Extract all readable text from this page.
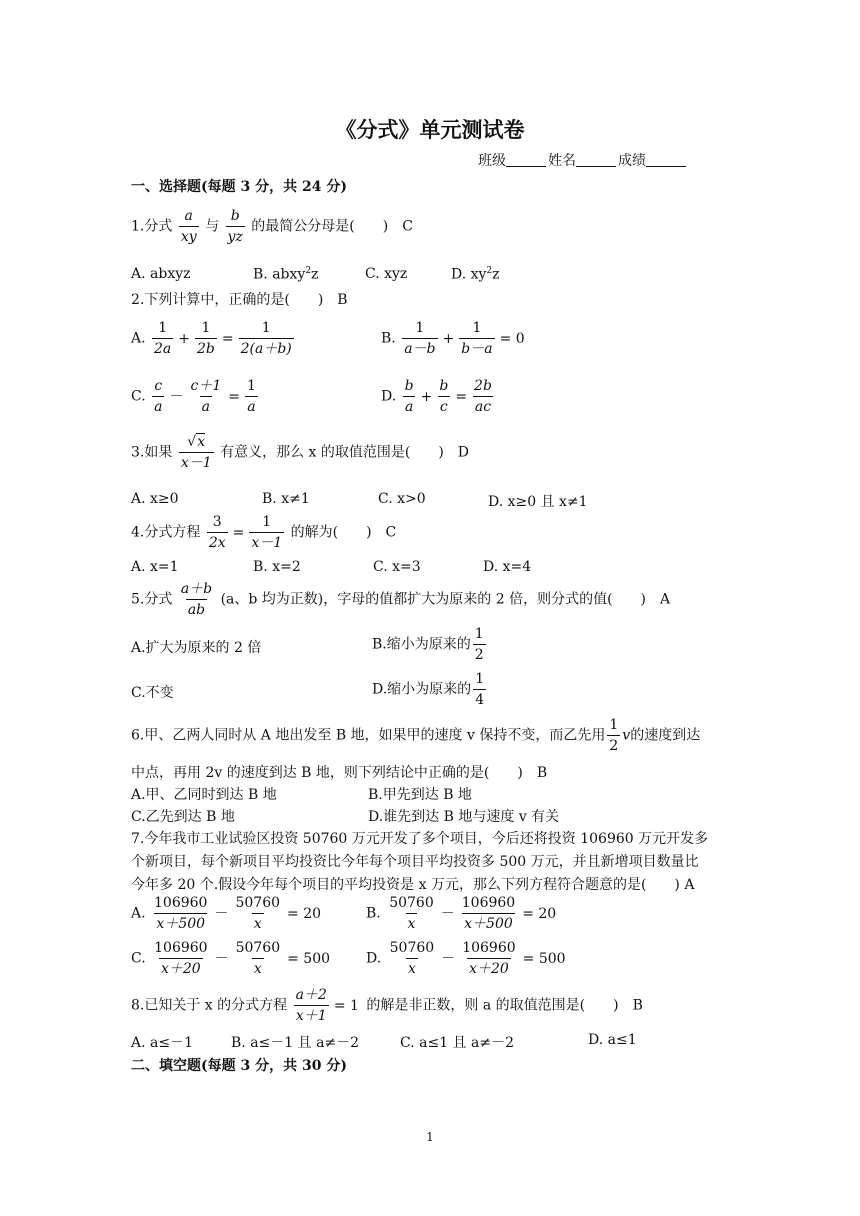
《分式》单元测试卷
班级	姓名	成绩
一、选择题(每题 3 分，共 24 分)
1.分式 $\frac{a}{xy}$ 与 $\frac{b}{yz}$ 的最简公分母是(　　)　C
A. abxyz	B. abxy$^2$z	C. xyz	D. $xy^2z$
2.下列计算中，正确的是(　　)　B
A. $\frac{1}{2a} + \frac{1}{2b} = \frac{1}{2(a+b)}$	B. $\frac{1}{a-b} + \frac{1}{b-a} = 0$
C. $\frac{c}{a} - \frac{c+1}{a} = \frac{1}{a}$	D. $\frac{b}{a} + \frac{b}{c} = \frac{2b}{ac}$
3.如果 $\frac{√x}{x-1}$ 有意义，那么 x 的取值范围是(　　)　D
A. x≥0	B. x≠1	C. x>0	D. x≥0 且 x≠1
4.分式方程 $\frac{3}{2x} = \frac{1}{x-1}$ 的解为(　　)　C
A. x=1	B. x=2	C. x=3	D. x=4
5.分式 $\frac{a+b}{ab} (a$、b 均为正数)，字母的值都扩大为原来的 2 倍，则分式的值(　　)　A
A.扩大为原来的 2 倍	B.缩小为原来的 $\frac{1}{2}$
C.不变	D.缩小为原来的 $\frac{1}{4}$
6.甲、乙两人同时从 A 地出发至 B 地，如果甲的速度 v 保持不变，而乙先用 $\frac{1}{2}$ v的速度到达
中点，再用 2v 的速度到达 B 地，则下列结论中正确的是(　　)　B
A.甲、乙同时到达 B 地	B.甲先到达 B 地
C.乙先到达 B 地	D.谁先到达 B 地与速度 v 有关
7.今年我市工业试验区投资 50760 万元开发了多个项目，今后还将投资 106960 万元开发多
个新项目，每个新项目平均投资比今年每个项目平均投资多 500 万元，并且新增项目数量比
今年多 20 个.假设今年每个项目的平均投资是 x 万元，那么下列方程符合题意的是(　　) A
A. $\frac{106960}{x+500} - \frac{50760}{x} = 20$	B. $\frac{50760}{x} - \frac{106960}{x+500} = 20$
C. $\frac{106960}{x+20} - \frac{50760}{x} = 500$	D. $\frac{50760}{x} - \frac{106960}{x+20} = 500$
8.已知关于 x 的分式方程 $\frac{a+2}{x+1} = 1$ 的解是非正数，则 a 的取值范围是(　　)　B
A. a≤－1	B. a≤－1 且 a≠－2	C. a≤1 且 a≠－2	D. a≤1
二、填空题(每题 3 分，共 30 分)
1
